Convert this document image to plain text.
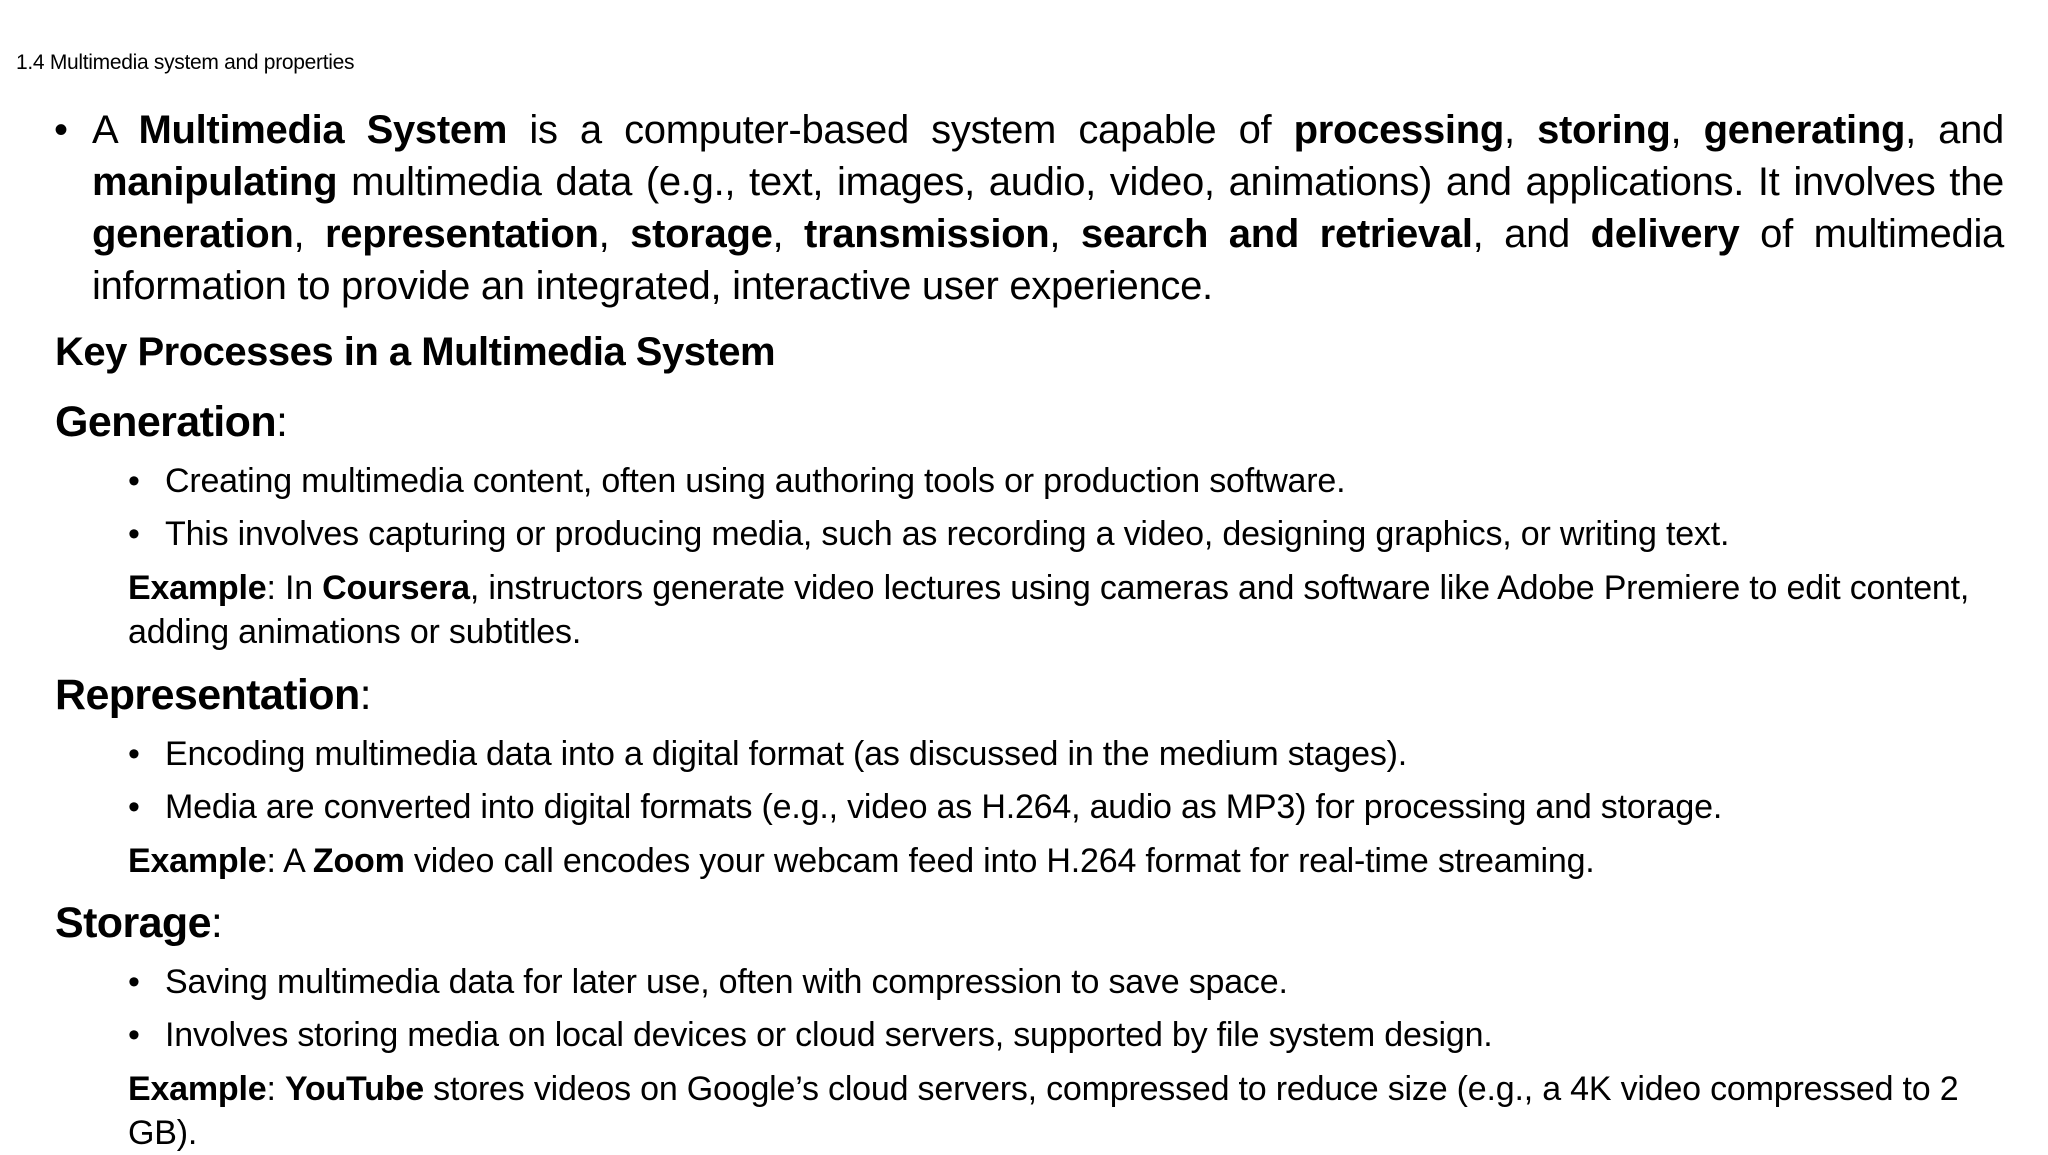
1.4 Multimedia system and properties
• A Multimedia System is a computer-based system capable of processing, storing, generating, and manipulating multimedia data (e.g., text, images, audio, video, animations) and applications. It involves the generation, representation, storage, transmission, search and retrieval, and delivery of multimedia information to provide an integrated, interactive user experience.
Key Processes in a Multimedia System
Generation:
• Creating multimedia content, often using authoring tools or production software.
• This involves capturing or producing media, such as recording a video, designing graphics, or writing text.
Example: In Coursera, instructors generate video lectures using cameras and software like Adobe Premiere to edit content, adding animations or subtitles.
Representation:
• Encoding multimedia data into a digital format (as discussed in the medium stages).
• Media are converted into digital formats (e.g., video as H.264, audio as MP3) for processing and storage.
Example: A Zoom video call encodes your webcam feed into H.264 format for real-time streaming.
Storage:
• Saving multimedia data for later use, often with compression to save space.
• Involves storing media on local devices or cloud servers, supported by file system design.
Example: YouTube stores videos on Google’s cloud servers, compressed to reduce size (e.g., a 4K video compressed to 2 GB).
